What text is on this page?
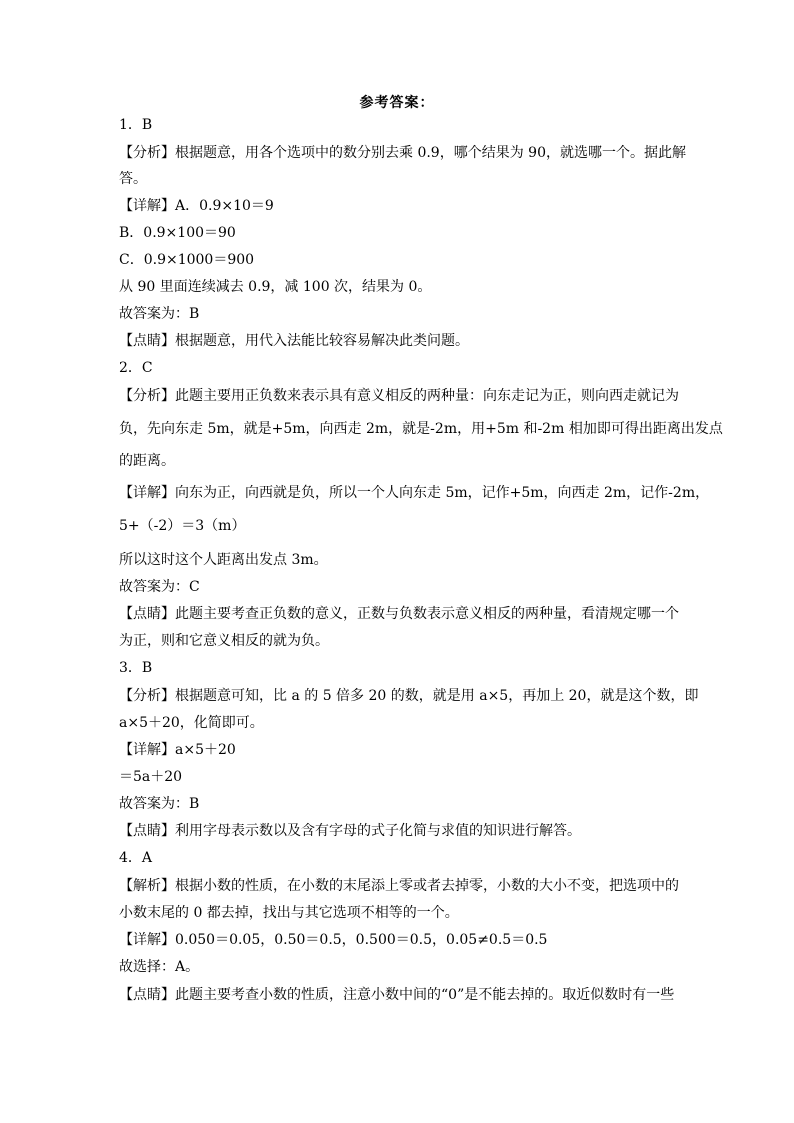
参考答案：
1．B
【分析】根据题意，用各个选项中的数分别去乘 0.9，哪个结果为 90，就选哪一个。据此解
答。
【详解】A．0.9×10＝9
B．0.9×100＝90
C．0.9×1000＝900
从 90 里面连续减去 0.9，减 100 次，结果为 0。
故答案为：B
【点睛】根据题意，用代入法能比较容易解决此类问题。
2．C
【分析】此题主要用正负数来表示具有意义相反的两种量：向东走记为正，则向西走就记为
负，先向东走 5m，就是+5m，向西走 2m，就是-2m，用+5m 和-2m 相加即可得出距离出发点
的距离。
【详解】向东为正，向西就是负，所以一个人向东走 5m，记作+5m，向西走 2m，记作-2m，
5+（-2）＝3（m）
所以这时这个人距离出发点 3m。
故答案为：C
【点睛】此题主要考查正负数的意义，正数与负数表示意义相反的两种量，看清规定哪一个
为正，则和它意义相反的就为负。
3．B
【分析】根据题意可知，比 a 的 5 倍多 20 的数，就是用 a×5，再加上 20，就是这个数，即
a×5＋20，化简即可。
【详解】a×5＋20
＝5a＋20
故答案为：B
【点睛】利用字母表示数以及含有字母的式子化简与求值的知识进行解答。
4．A
【解析】根据小数的性质，在小数的末尾添上零或者去掉零，小数的大小不变，把选项中的
小数末尾的 0 都去掉，找出与其它选项不相等的一个。
【详解】0.050＝0.05，0.50＝0.5，0.500＝0.5，0.05≠0.5＝0.5
故选择：A。
【点睛】此题主要考查小数的性质，注意小数中间的“0”是不能去掉的。取近似数时有一些
